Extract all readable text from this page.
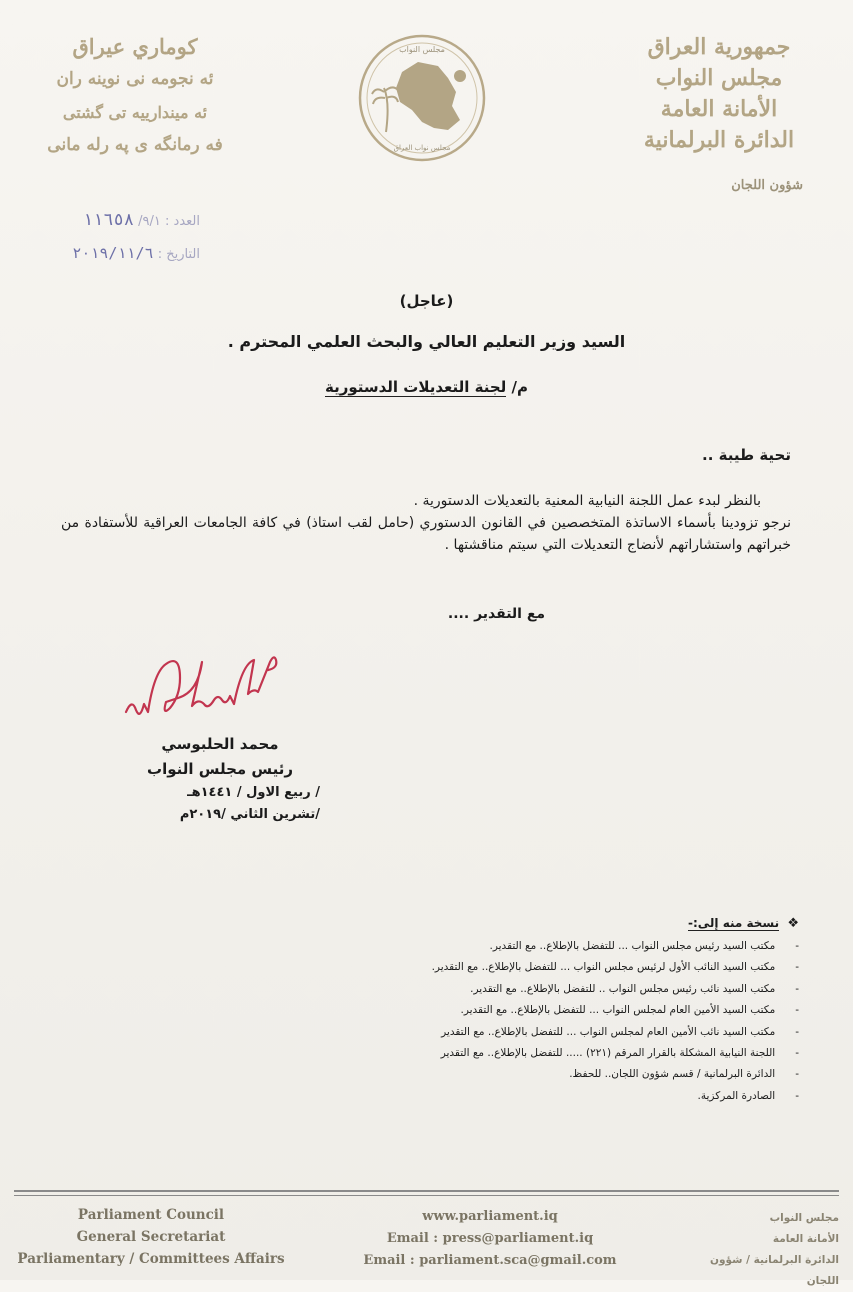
جمهورية العراق
مجلس النواب
الأمانة العامة
الدائرة البرلمانية
شؤون اللجان
كوماري عيراق
ئه نجومه نى نوينه ران
ئه ميندارييه تى گشتى
فه رمانگه ى په رله مانى
مجلس النواب
مجلس نواب العراق
العدد : ٩/١/ ١١٦٥٨
التاريخ : ٢٠١٩/١١/٦
(عاجل)
السيد وزير التعليم العالي والبحث العلمي المحترم .
م/ لجنة التعديلات الدستورية
تحية طيبة ..
بالنظر لبدء عمل اللجنة النيابية المعنية بالتعديلات الدستورية .
نرجو تزودينا بأسماء الاساتذة المتخصصين في القانون الدستوري (حامل لقب استاذ) في كافة الجامعات العراقية للأستفادة من خبراتهم واستشاراتهم لأنضاج التعديلات التي سيتم مناقشتها .
مع التقدير ....
محمد الحلبوسي
رئيس مجلس النواب
/ ربيع الاول / ١٤٤١هـ
/تشرين الثاني /٢٠١٩م
❖ نسخة منه إلى:-
- مكتب السيد رئيس مجلس النواب ... للتفضل بالإطلاع.. مع التقدير.
- مكتب السيد النائب الأول لرئيس مجلس النواب ... للتفضل بالإطلاع.. مع التقدير.
- مكتب السيد نائب رئيس مجلس النواب .. للتفضل بالإطلاع.. مع التقدير.
- مكتب السيد الأمين العام لمجلس النواب ... للتفضل بالإطلاع.. مع التقدير.
- مكتب السيد نائب الأمين العام لمجلس النواب ... للتفضل بالإطلاع.. مع التقدير
- اللجنة النيابية المشكلة بالقرار المرقم (٢٢١) ..... للتفضل بالإطلاع.. مع التقدير
- الدائرة البرلمانية / قسم شؤون اللجان.. للحفظ.
- الصادرة المركزية.
Parliament Council
General Secretariat
Parliamentary / Committees Affairs
www.parliament.iq
Email : press@parliament.iq
Email : parliament.sca@gmail.com
مجلس النواب
الأمانة العامة
الدائرة البرلمانية / شؤون اللجان
